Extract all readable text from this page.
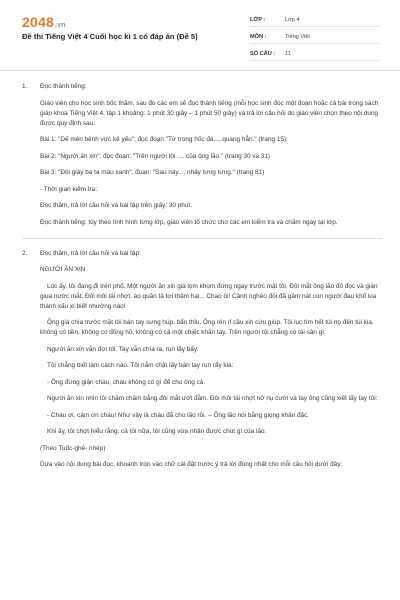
2048.vn
Đề thi Tiếng Việt 4 Cuối học kì 1 có đáp án (Đề 5)
LỚP :	Lớp 4
MÔN :	Tiếng Việt
SỐ CÂU :	11
1. Đọc thành tiếng:

Giáo viên cho học sinh bốc thăm, sau đó các em sẽ đọc thành tiếng (mỗi học sinh đọc một đoạn hoặc cả bài trong sách giáo khoa Tiếng Việt 4, tập 1 khoảng: 1 phút 30 giây – 1 phút 50 giây) và trả lời câu hỏi do giáo viên chọn theo nội dung được quy định sau:

Bài 1: "Dế mèn bênh vực kẻ yếu"; đọc đoạn "Từ trong hốc đá,....quang hẳn." (trang 15).

Bài 2: "Người ăn xin"; đọc đoạn: "Trên người tôi .... của ông lão." (trang 30 và 31)

Bài 3: "Đôi giày ba ta màu xanh"; đoạn: "Sau này..., nhảy tưng tưng." (trang 81)

- Thời gian kiểm tra:

Đọc thầm, trả lời câu hỏi và bài tập trên giấy: 30 phút.

Đọc thành tiếng: tùy theo tình hình từng lớp, giáo viên tổ chức cho các em kiểm tra và chấm ngay tại lớp.

2. Đọc thầm, trả lời câu hỏi và bài tập:

NGƯỜI ĂN XIN

Lúc ấy, tôi đang đi trên phố. Một người ăn xin già lọm khọm đứng ngay trước mặt tôi. Đôi mắt ông lão đỏ đọc và giàn giụa nước mắt. Đôi môi tái nhợt, áo quần tả tơi thảm hại... Chao ôi! Cảnh nghèo đói đã gặm nát con người đau khổ kia thành xấu xí biết nhường nào!

Ông già chìa trước mặt tôi bàn tay sưng húp, bẩn thỉu. Ông rên rỉ cầu xin cứu giúp. Tôi lục tìm hết túi nọ đến túi kia, không có tiền, không có đồng hồ, không có cả một chiếc khăn tay. Trên người tôi chẳng có tài sản gì.

Người ăn xin vẫn đợi tôi. Tay vẫn chìa ra, run lẩy bẩy.

Tôi chẳng biết làm cách nào. Tôi nắm chặt lấy bàn tay run rẩy kia:

- Ông đừng giận cháu, cháu không có gì để cho ông cả.

Người ăn xin nhìn tôi chăm chăm bằng đôi mắt ướt đẫm. Đôi môi tái nhợt nở nụ cười và tay ông cũng xiết lấy tay tôi:

- Cháu ơi, cảm ơn cháu! Như vậy là cháu đã cho lão rồi. – Ông lão nói bằng giọng khản đặc.

Khi ấy, tôi chợt hiểu rằng: cả tôi nữa, tôi cũng vừa nhận được chút gì của lão.

(Theo Tuốc-ghê- nhép)

Dựa vào nội dung bài đọc, khoanh tròn vào chữ cái đặt trước ý trả lời đúng nhất cho mỗi câu hỏi dưới đây:
